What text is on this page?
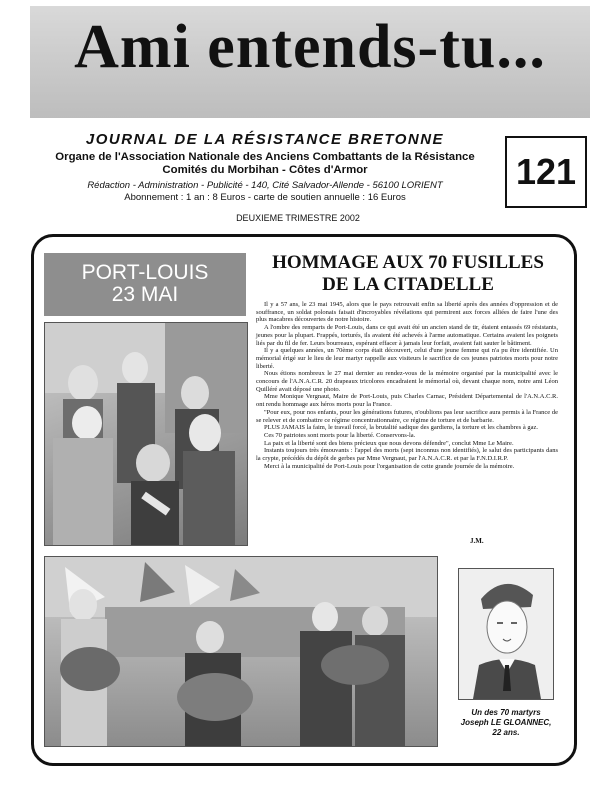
Ami entends-tu...
JOURNAL DE LA RÉSISTANCE BRETONNE
Organe de l'Association Nationale des Anciens Combattants de la Résistance
Comités du Morbihan - Côtes d'Armor
Rédaction - Administration - Publicité - 140, Cité Salvador-Allende - 56100 LORIENT
Abonnement : 1 an : 8 Euros - carte de soutien annuelle : 16 Euros
121
DEUXIEME TRIMESTRE 2002
PORT-LOUIS
23 MAI
HOMMAGE AUX 70 FUSILLES
DE LA CITADELLE

Il y a 57 ans, le 23 mai 1945, alors que le pays retrouvait enfin sa liberté après des années d'oppression et de souffrance, un soldat polonais faisait d'incroyables révélations qui permirent aux forces alliées de faire l'une des plus macabres découvertes de notre histoire.

A l'ombre des remparts de Port-Louis, dans ce qui avait été un ancien stand de tir, étaient entassés 69 résistants, jeunes pour la plupart. Frappés, torturés, ils avaient été achevés à l'arme automatique. Certains avaient les poignets liés par du fil de fer. Leurs bourreaux, espérant effacer à jamais leur forfait, avaient fait sauter le bâtiment.

Il y a quelques années, un 70ème corps était découvert, celui d'une jeune femme qui n'a pu être identifiée. Un mémorial érigé sur le lieu de leur martyr rappelle aux visiteurs le sacrifice de ces jeunes patriotes morts pour notre liberté.

Nous étions nombreux le 27 mai dernier au rendez-vous de la mémoire organisé par la municipalité avec le concours de l'A.N.A.C.R. 20 drapeaux tricolores encadraient le mémorial où, devant chaque nom, notre ami Léon Quilléré avait déposé une photo.

Mme Monique Vergnaut, Maire de Port-Louis, puis Charles Carnac, Président Départemental de l'A.N.A.C.R. ont rendu hommage aux héros morts pour la France.

"Pour eux, pour nos enfants, pour les générations futures, n'oublions pas leur sacrifice aura permis à la France de se relever et de combattre ce régime concentrationnaire, ce régime de torture et de barbarie.

PLUS JAMAIS la faim, le travail forcé, la brutalité sadique des gardiens, la torture et les chambres à gaz.

Ces 70 patriotes sont morts pour la liberté. Conservons-la.

La paix et la liberté sont des biens précieux que nous devons défendre", conclut Mme Le Maire.

Instants toujours très émouvants : l'appel des morts (sept inconnus non identifiés), le salut des participants dans la crypte, précédés du dépôt de gerbes par Mme Vergnaut, par l'A.N.A.C.R. et par la F.N.D.I.R.P.

Merci à la municipalité de Port-Louis pour l'organisation de cette grande journée de la mémoire.

J.M.
Un des 70 martyrs
Joseph LE GLOANNEC,
22 ans.
